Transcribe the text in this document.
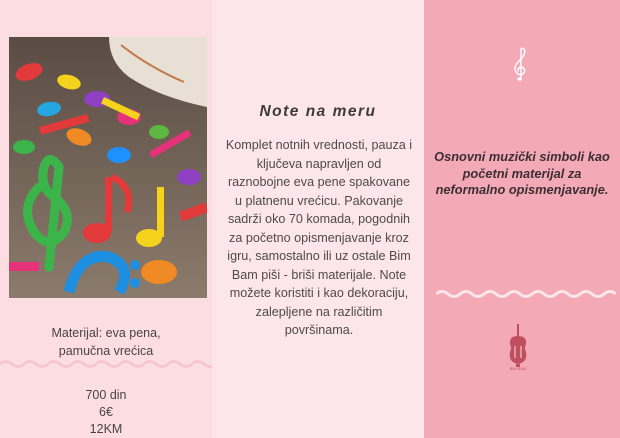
Materijal: eva pena,
pamučna vrećica
700 din
6€
12KM
Note na meru
Komplet notnih vrednosti, pauza i ključeva napravljen od raznobojne eva pene spakovane u platnenu vrećicu. Pakovanje sadrži oko 70 komada, pogodnih za početno opismenjavanje kroz igru, samostalno ili uz ostale Bim Bam piši - briši materijale. Note možete koristiti i kao dekoraciju, zalepljene na različitim površinama.
Osnovni muzički simboli kao početni materijal za neformalno opismenjavanje.
BIM BAM
